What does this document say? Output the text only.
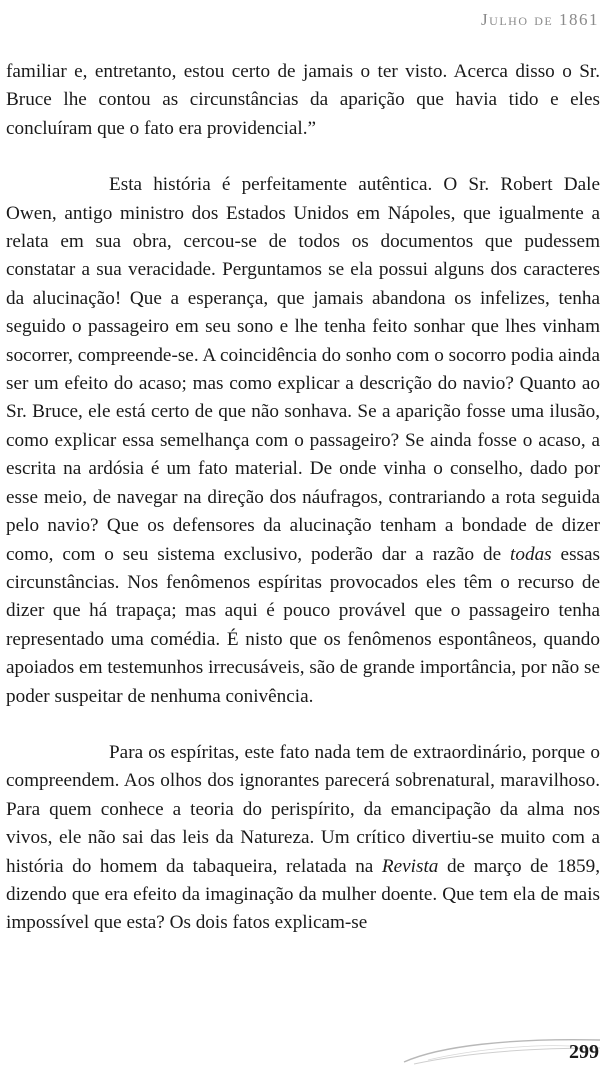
Julho de 1861

familiar e, entretanto, estou certo de jamais o ter visto. Acerca disso o Sr. Bruce lhe contou as circunstâncias da aparição que havia tido e eles concluíram que o fato era providencial.”

Esta história é perfeitamente autêntica. O Sr. Robert Dale Owen, antigo ministro dos Estados Unidos em Nápoles, que igualmente a relata em sua obra, cercou-se de todos os documentos que pudessem constatar a sua veracidade. Perguntamos se ela possui alguns dos caracteres da alucinação! Que a esperança, que jamais abandona os infelizes, tenha seguido o passageiro em seu sono e lhe tenha feito sonhar que lhes vinham socorrer, compreende-se. A coincidência do sonho com o socorro podia ainda ser um efeito do acaso; mas como explicar a descrição do navio? Quanto ao Sr. Bruce, ele está certo de que não sonhava. Se a aparição fosse uma ilusão, como explicar essa semelhança com o passageiro? Se ainda fosse o acaso, a escrita na ardósia é um fato material. De onde vinha o conselho, dado por esse meio, de navegar na direção dos náufragos, contrariando a rota seguida pelo navio? Que os defensores da alucinação tenham a bondade de dizer como, com o seu sistema exclusivo, poderão dar a razão de todas essas circunstâncias. Nos fenômenos espíritas provocados eles têm o recurso de dizer que há trapaça; mas aqui é pouco provável que o passageiro tenha representado uma comédia. É nisto que os fenômenos espontâneos, quando apoiados em testemunhos irrecusáveis, são de grande importância, por não se poder suspeitar de nenhuma conivência.

Para os espíritas, este fato nada tem de extraordinário, porque o compreendem. Aos olhos dos ignorantes parecerá sobrenatural, maravilhoso. Para quem conhece a teoria do perispírito, da emancipação da alma nos vivos, ele não sai das leis da Natureza. Um crítico divertiu-se muito com a história do homem da tabaqueira, relatada na Revista de março de 1859, dizendo que era efeito da imaginação da mulher doente. Que tem ela de mais impossível que esta? Os dois fatos explicam-se

299
